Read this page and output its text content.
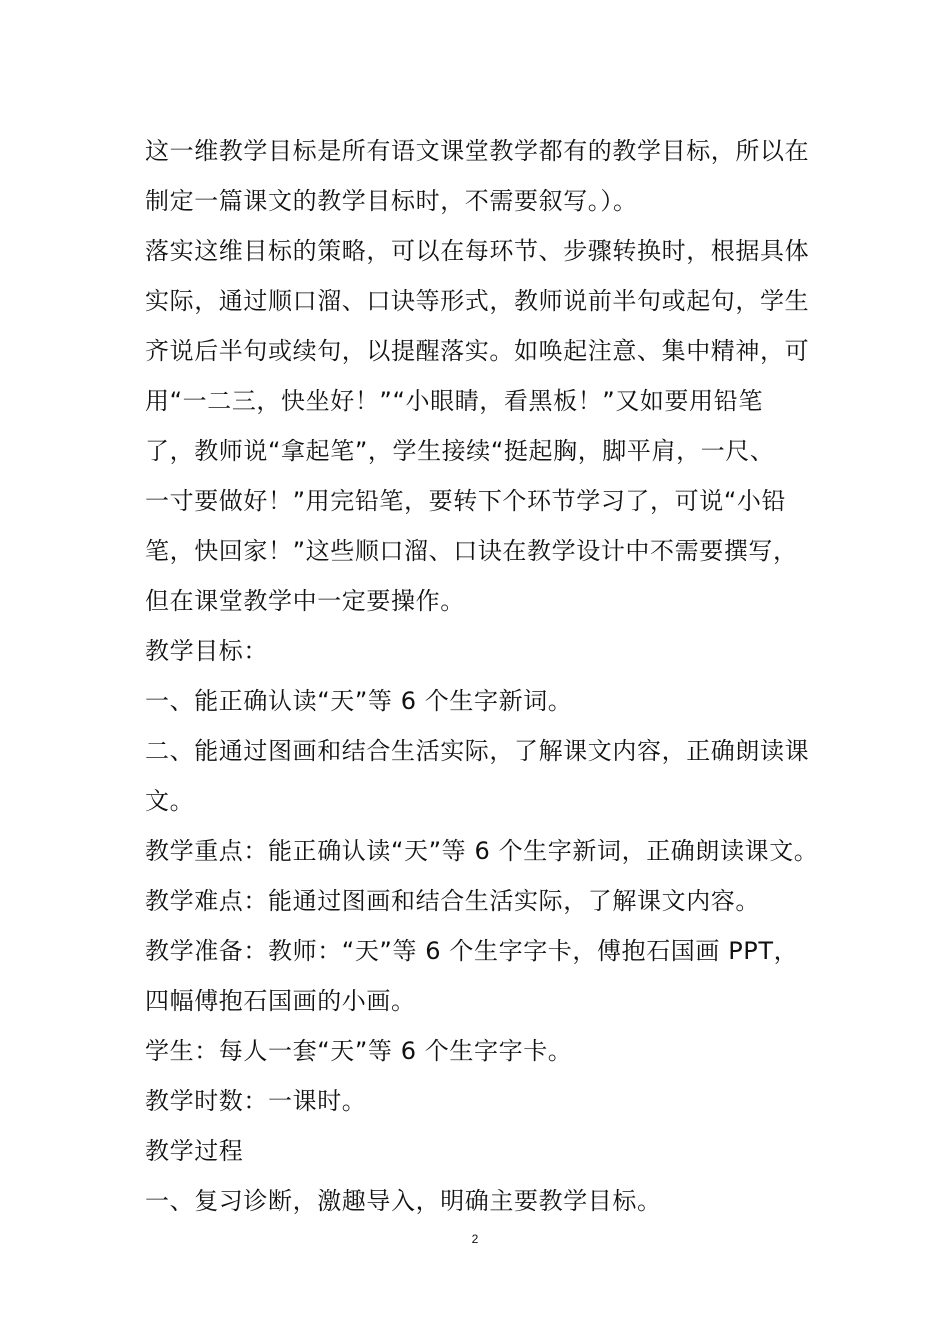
这一维教学目标是所有语文课堂教学都有的教学目标，所以在
制定一篇课文的教学目标时，不需要叙写。）。
落实这维目标的策略，可以在每环节、步骤转换时，根据具体
实际，通过顺口溜、口诀等形式，教师说前半句或起句，学生
齐说后半句或续句，以提醒落实。如唤起注意、集中精神，可
用“一二三，快坐好！”“小眼睛，看黑板！”又如要用铅笔
了，教师说“拿起笔”，学生接续“挺起胸，脚平肩，一尺、
一寸要做好！”用完铅笔，要转下个环节学习了，可说“小铅
笔，快回家！”这些顺口溜、口诀在教学设计中不需要撰写，
但在课堂教学中一定要操作。
教学目标：
一、能正确认读“天”等 6 个生字新词。
二、能通过图画和结合生活实际，了解课文内容，正确朗读课
文。
教学重点：能正确认读“天”等 6 个生字新词，正确朗读课文。
教学难点：能通过图画和结合生活实际，了解课文内容。
教学准备：教师：“天”等 6 个生字字卡，傅抱石国画 PPT，
四幅傅抱石国画的小画。
学生：每人一套“天”等 6 个生字字卡。
教学时数：一课时。
教学过程
一、复习诊断，激趣导入，明确主要教学目标。
2
